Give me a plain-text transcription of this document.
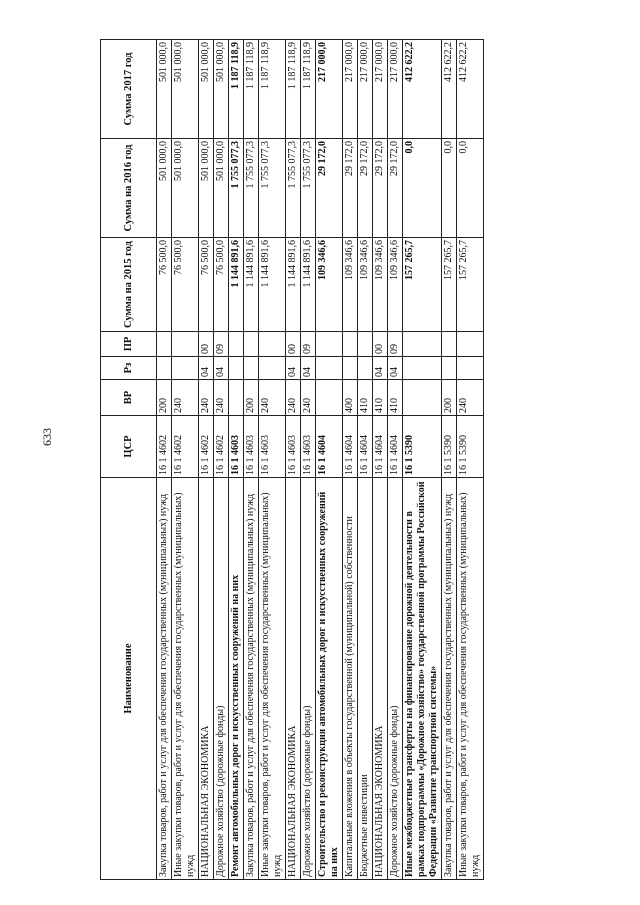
633
Наименование	ЦСР	ВР	Рз	ПР	Сумма на 2015 год	Сумма на 2016 год	Сумма 2017 год
Закупка товаров, работ и услуг для обеспечения государственных (муниципальных) нужд	16 1 4602	200			76 500,0	501 000,0	501 000,0
Иные закупки товаров, работ и услуг для обеспечения государственных (муниципальных) нужд	16 1 4602	240			76 500,0	501 000,0	501 000,0
НАЦИОНАЛЬНАЯ ЭКОНОМИКА	16 1 4602	240	04	00	76 500,0	501 000,0	501 000,0
Дорожное хозяйство (дорожные фонды)	16 1 4602	240	04	09	76 500,0	501 000,0	501 000,0
Ремонт автомобильных дорог и искусственных сооружений на них	16 1 4603				1 144 891,6	1 755 077,3	1 187 118,9
Закупка товаров, работ и услуг для обеспечения государственных (муниципальных) нужд	16 1 4603	200			1 144 891,6	1 755 077,3	1 187 118,9
Иные закупки товаров, работ и услуг для обеспечения государственных (муниципальных) нужд	16 1 4603	240			1 144 891,6	1 755 077,3	1 187 118,9
НАЦИОНАЛЬНАЯ ЭКОНОМИКА	16 1 4603	240	04	00	1 144 891,6	1 755 077,3	1 187 118,9
Дорожное хозяйство (дорожные фонды)	16 1 4603	240	04	09	1 144 891,6	1 755 077,3	1 187 118,9
Строительство и реконструкция автомобильных дорог и искусственных сооружений на них	16 1 4604				109 346,6	29 172,0	217 000,0
Капитальные вложения в объекты государственной (муниципальной) собственности	16 1 4604	400			109 346,6	29 172,0	217 000,0
Бюджетные инвестиции	16 1 4604	410			109 346,6	29 172,0	217 000,0
НАЦИОНАЛЬНАЯ ЭКОНОМИКА	16 1 4604	410	04	00	109 346,6	29 172,0	217 000,0
Дорожное хозяйство (дорожные фонды)	16 1 4604	410	04	09	109 346,6	29 172,0	217 000,0
Иные межбюджетные трансферты на финансирование дорожной деятельности в рамках подпрограммы «Дорожное хозяйство» государственной программы Российской Федерации «Развитие транспортной системы»	16 1 5390				157 265,7	0,0	412 622,2
Закупка товаров, работ и услуг для обеспечения государственных (муниципальных) нужд	16 1 5390	200			157 265,7	0,0	412 622,2
Иные закупки товаров, работ и услуг для обеспечения государственных (муниципальных) нужд	16 1 5390	240			157 265,7	0,0	412 622,2
